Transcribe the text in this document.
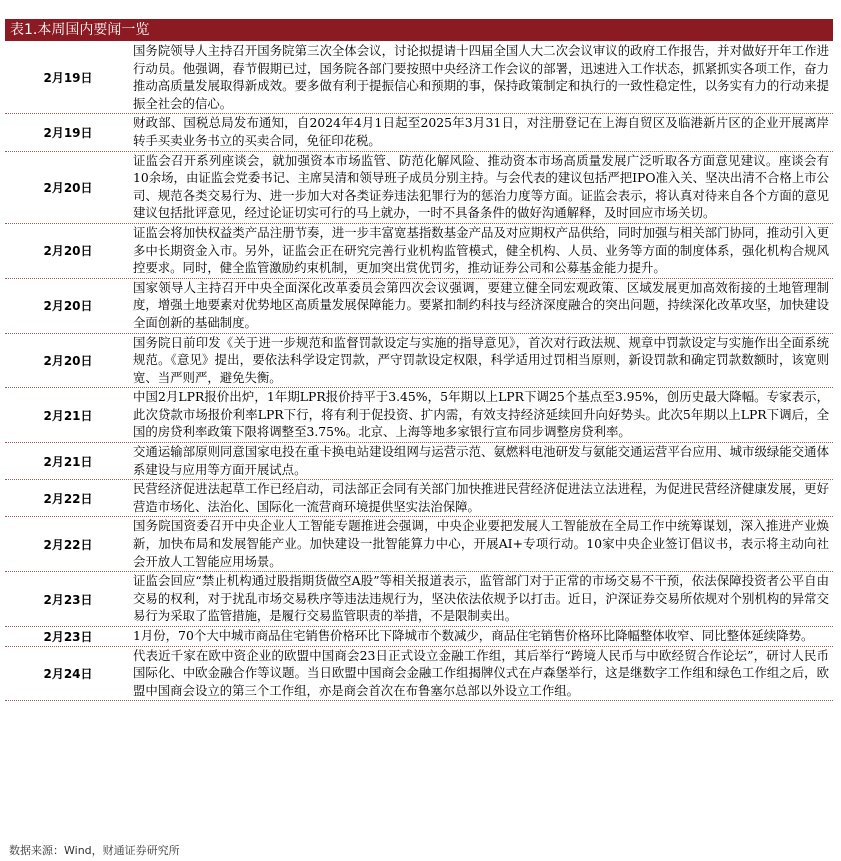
表1.本周国内要闻一览
2月19日
国务院领导人主持召开国务院第三次全体会议，讨论拟提请十四届全国人大二次会议审议的政府工作报告，并对做好开年工作进行动员。他强调，春节假期已过，国务院各部门要按照中央经济工作会议的部署，迅速进入工作状态，抓紧抓实各项工作，奋力推动高质量发展取得新成效。要多做有利于提振信心和预期的事，保持政策制定和执行的一致性稳定性，以务实有力的行动来提振全社会的信心。
2月19日
财政部、国税总局发布通知，自2024年4月1日起至2025年3月31日，对注册登记在上海自贸区及临港新片区的企业开展离岸转手买卖业务书立的买卖合同，免征印花税。
2月20日
证监会召开系列座谈会，就加强资本市场监管、防范化解风险、推动资本市场高质量发展广泛听取各方面意见建议。座谈会有10余场，由证监会党委书记、主席吴清和领导班子成员分别主持。与会代表的建议包括严把IPO准入关、坚决出清不合格上市公司、规范各类交易行为、进一步加大对各类证券违法犯罪行为的惩治力度等方面。证监会表示，将认真对待来自各个方面的意见建议包括批评意见，经过论证切实可行的马上就办，一时不具备条件的做好沟通解释，及时回应市场关切。
2月20日
证监会将加快权益类产品注册节奏，进一步丰富宽基指数基金产品及对应期权产品供给，同时加强与相关部门协同，推动引入更多中长期资金入市。另外，证监会正在研究完善行业机构监管模式，健全机构、人员、业务等方面的制度体系，强化机构合规风控要求。同时，健全监管激励约束机制，更加突出赏优罚劣，推动证券公司和公募基金能力提升。
2月20日
国家领导人主持召开中央全面深化改革委员会第四次会议强调，要建立健全同宏观政策、区域发展更加高效衔接的土地管理制度，增强土地要素对优势地区高质量发展保障能力。要紧扣制约科技与经济深度融合的突出问题，持续深化改革攻坚，加快建设全面创新的基础制度。
2月20日
国务院日前印发《关于进一步规范和监督罚款设定与实施的指导意见》，首次对行政法规、规章中罚款设定与实施作出全面系统规范。《意见》提出，要依法科学设定罚款，严守罚款设定权限，科学适用过罚相当原则，新设罚款和确定罚款数额时，该宽则宽、当严则严，避免失衡。
2月21日
中国2月LPR报价出炉，1年期LPR报价持平于3.45%，5年期以上LPR下调25个基点至3.95%，创历史最大降幅。专家表示，此次贷款市场报价利率LPR下行，将有利于促投资、扩内需，有效支持经济延续回升向好势头。此次5年期以上LPR下调后，全国的房贷利率政策下限将调整至3.75%。北京、上海等地多家银行宣布同步调整房贷利率。
2月21日
交通运输部原则同意国家电投在重卡换电站建设组网与运营示范、氨燃料电池研发与氨能交通运营平台应用、城市级绿能交通体系建设与应用等方面开展试点。
2月22日
民营经济促进法起草工作已经启动，司法部正会同有关部门加快推进民营经济促进法立法进程，为促进民营经济健康发展，更好营造市场化、法治化、国际化一流营商环境提供坚实法治保障。
2月22日
国务院国资委召开中央企业人工智能专题推进会强调，中央企业要把发展人工智能放在全局工作中统筹谋划，深入推进产业焕新，加快布局和发展智能产业。加快建设一批智能算力中心，开展AI+专项行动。10家中央企业签订倡议书，表示将主动向社会开放人工智能应用场景。
2月23日
证监会回应“禁止机构通过股指期货做空A股”等相关报道表示，监管部门对于正常的市场交易不干预，依法保障投资者公平自由交易的权利，对于扰乱市场交易秩序等违法违规行为，坚决依法依规予以打击。近日，沪深证券交易所依规对个别机构的异常交易行为采取了监管措施，是履行交易监管职责的举措，不是限制卖出。
2月23日	1月份，70个大中城市商品住宅销售价格环比下降城市个数减少，商品住宅销售价格环比降幅整体收窄、同比整体延续降势。
2月24日
代表近千家在欧中资企业的欧盟中国商会23日正式设立金融工作组，其后举行“跨境人民币与中欧经贸合作论坛”，研讨人民币国际化、中欧金融合作等议题。当日欧盟中国商会金融工作组揭牌仪式在卢森堡举行，这是继数字工作组和绿色工作组之后，欧盟中国商会设立的第三个工作组，亦是商会首次在布鲁塞尔总部以外设立工作组。
数据来源：Wind，财通证券研究所
